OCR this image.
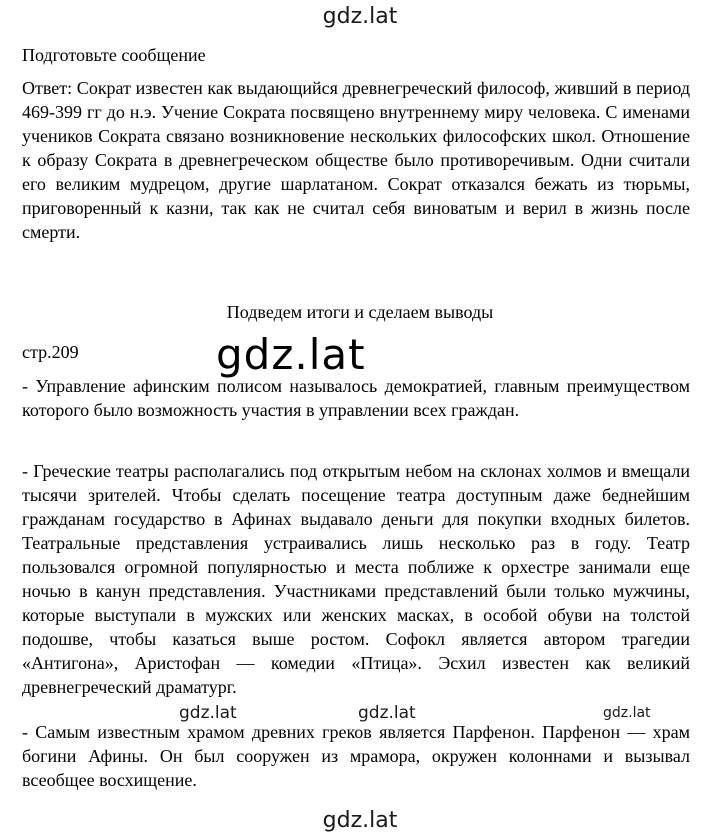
gdz.lat

Подготовьте сообщение

Ответ: Сократ известен как выдающийся древнегреческий философ, живший в период 469-399 гг до н.э. Учение Сократа посвящено внутреннему миру человека. С именами учеников Сократа связано возникновение нескольких философских школ. Отношение к образу Сократа в древнегреческом обществе было противоречивым. Одни считали его великим мудрецом, другие шарлатаном. Сократ отказался бежать из тюрьмы, приговоренный к казни, так как не считал себя виноватым и верил в жизнь после смерти.

Подведем итоги и сделаем выводы

стр.209

- Управление афинским полисом называлось демократией, главным преимуществом которого было возможность участия в управлении всех граждан.

- Греческие театры располагались под открытым небом на склонах холмов и вмещали тысячи зрителей. Чтобы сделать посещение театра доступным даже беднейшим гражданам государство в Афинах выдавало деньги для покупки входных билетов. Театральные представления устраивались лишь несколько раз в году. Театр пользовался огромной популярностью и места поближе к орхестре занимали еще ночью в канун представления. Участниками представлений были только мужчины, которые выступали в мужских или женских масках, в особой обуви на толстой подошве, чтобы казаться выше ростом. Софокл является автором трагедии «Антигона», Аристофан — комедии «Птица». Эсхил известен как великий древнегреческий драматург.

- Самым известным храмом древних греков является Парфенон. Парфенон — храм богини Афины. Он был сооружен из мрамора, окружен колоннами и вызывал всеобщее восхищение.

gdz.lat
gdz.lat	gdz.lat	gdz.lat
gdz.lat
